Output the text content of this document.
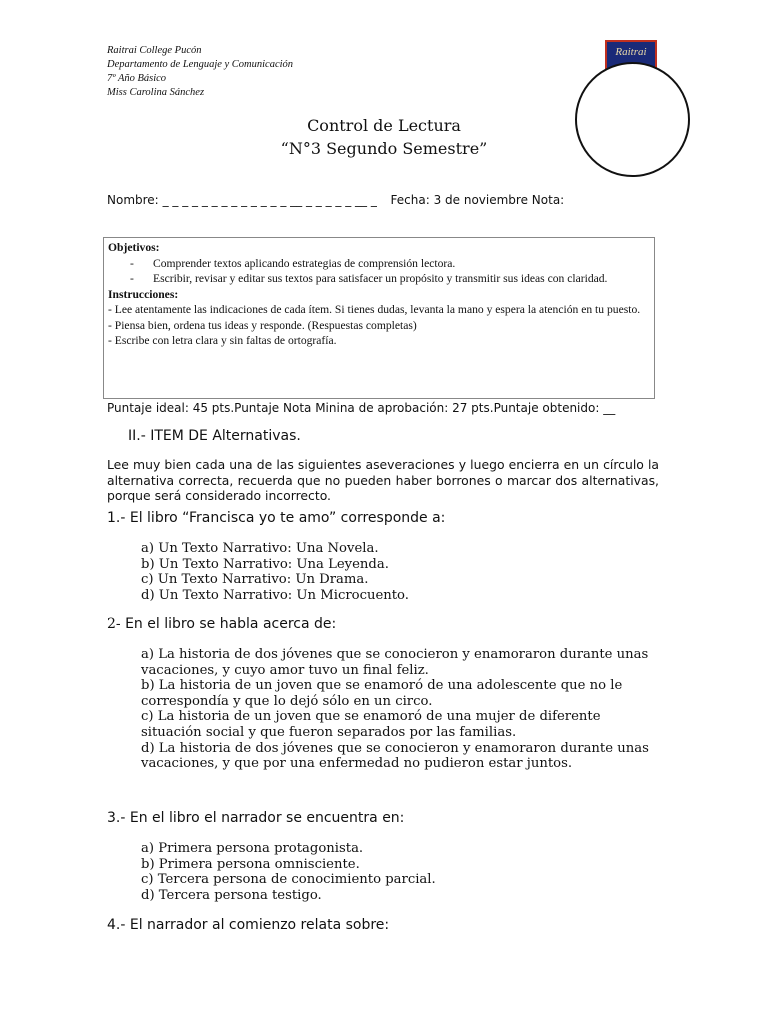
Raitrai College Pucón
Departamento de Lenguaje y Comunicación
7º Año Básico
Miss Carolina Sánchez
Raitrai
Control de Lectura
“N°3 Segundo Semestre”
Nombre: _ _ _ _ _ _ _ _ _ _ _ _ _ __ _ _ _ _ _ __ _ Fecha: 3 de noviembre Nota:
Objetivos:
- Comprender textos aplicando estrategias de comprensión lectora.
- Escribir, revisar y editar sus textos para satisfacer un propósito y transmitir sus ideas con claridad.
Instrucciones:
- Lee atentamente las indicaciones de cada ítem. Si tienes dudas, levanta la mano y espera la atención en tu puesto.
- Piensa bien, ordena tus ideas y responde. (Respuestas completas)
- Escribe con letra clara y sin faltas de ortografía.
Puntaje ideal: 45 pts.Puntaje Nota Minina de aprobación: 27 pts.Puntaje obtenido: __
II.- ITEM DE Alternativas.
Lee muy bien cada una de las siguientes aseveraciones y luego encierra en un círculo la alternativa correcta, recuerda que no pueden haber borrones o marcar dos alternativas, porque será considerado incorrecto.
1.- El libro “Francisca yo te amo” corresponde a:
a) Un Texto Narrativo: Una Novela.
b) Un Texto Narrativo: Una Leyenda.
c) Un Texto Narrativo: Un Drama.
d) Un Texto Narrativo: Un Microcuento.
2- En el libro se habla acerca de:
a) La historia de dos jóvenes que se conocieron y enamoraron durante unas vacaciones, y cuyo amor tuvo un final feliz.
b) La historia de un joven que se enamoró de una adolescente que no le correspondía y que lo dejó sólo en un circo.
c) La historia de un joven que se enamoró de una mujer de diferente situación social y que fueron separados por las familias.
d) La historia de dos jóvenes que se conocieron y enamoraron durante unas vacaciones, y que por una enfermedad no pudieron estar juntos.
3.- En el libro el narrador se encuentra en:
a) Primera persona protagonista.
b) Primera persona omnisciente.
c) Tercera persona de conocimiento parcial.
d) Tercera persona testigo.
4.- El narrador al comienzo relata sobre:
